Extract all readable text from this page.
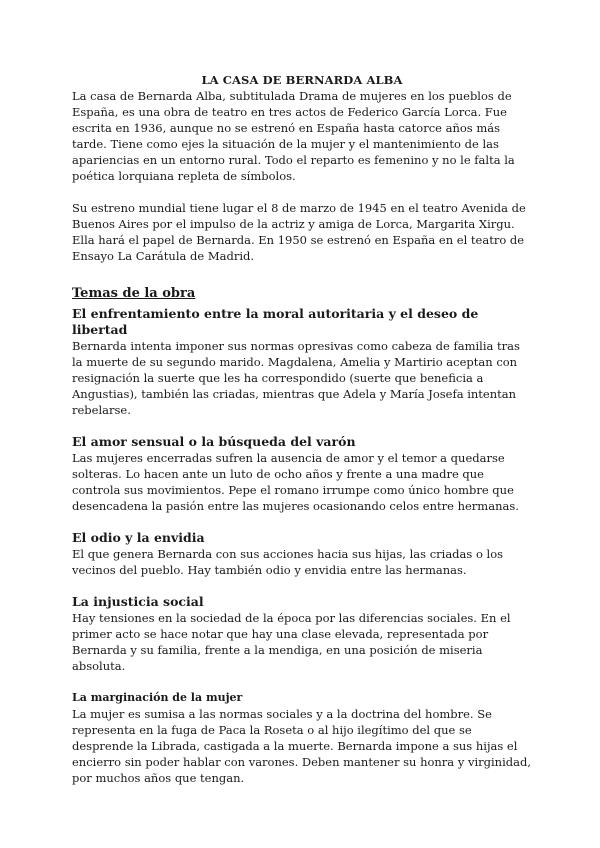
LA CASA DE BERNARDA ALBA

La casa de Bernarda Alba, subtitulada Drama de mujeres en los pueblos de España, es una obra de teatro en tres actos de Federico García Lorca. Fue escrita en 1936, aunque no se estrenó en España hasta catorce años más tarde. Tiene como ejes la situación de la mujer y el mantenimiento de las apariencias en un entorno rural. Todo el reparto es femenino y no le falta la poética lorquiana repleta de símbolos.

Su estreno mundial tiene lugar el 8 de marzo de 1945 en el teatro Avenida de Buenos Aires por el impulso de la actriz y amiga de Lorca, Margarita Xirgu. Ella hará el papel de Bernarda. En 1950 se estrenó en España en el teatro de Ensayo La Carátula de Madrid.

Temas de la obra
El enfrentamiento entre la moral autoritaria y el deseo de libertad

Bernarda intenta imponer sus normas opresivas como cabeza de familia tras la muerte de su segundo marido. Magdalena, Amelia y Martirio aceptan con resignación la suerte que les ha correspondido (suerte que beneficia a Angustias), también las criadas, mientras que Adela y María Josefa intentan rebelarse.

El amor sensual o la búsqueda del varón

Las mujeres encerradas sufren la ausencia de amor y el temor a quedarse solteras. Lo hacen ante un luto de ocho años y frente a una madre que controla sus movimientos. Pepe el romano irrumpe como único hombre que desencadena la pasión entre las mujeres ocasionando celos entre hermanas.

El odio y la envidia

El que genera Bernarda con sus acciones hacia sus hijas, las criadas o los vecinos del pueblo. Hay también odio y envidia entre las hermanas.

La injusticia social

Hay tensiones en la sociedad de la época por las diferencias sociales. En el primer acto se hace notar que hay una clase elevada, representada por Bernarda y su familia, frente a la mendiga, en una posición de miseria absoluta.

La marginación de la mujer

La mujer es sumisa a las normas sociales y a la doctrina del hombre. Se representa en la fuga de Paca la Roseta o al hijo ilegítimo del que se desprende la Librada, castigada a la muerte. Bernarda impone a sus hijas el encierro sin poder hablar con varones. Deben mantener su honra y virginidad, por muchos años que tengan.
